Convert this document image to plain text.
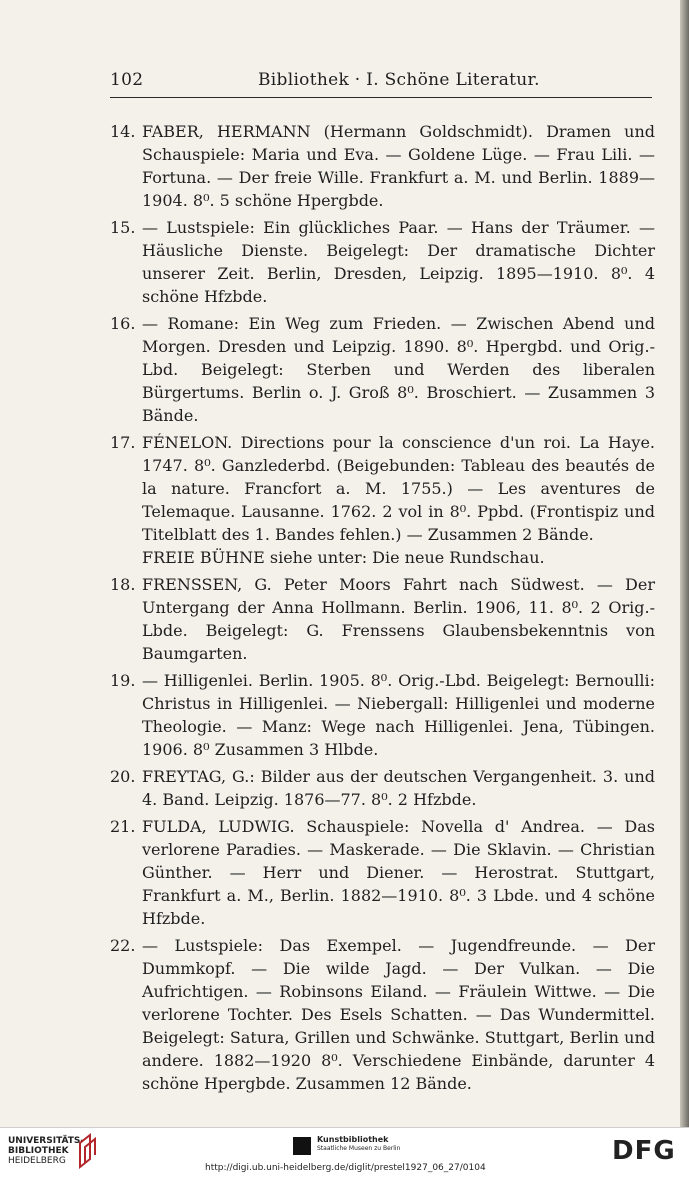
102	Bibliothek · I. Schöne Literatur.
14. FABER, HERMANN (Hermann Goldschmidt). Dramen und Schauspiele: Maria und Eva. — Goldene Lüge. — Frau Lili. — Fortuna. — Der freie Wille. Frankfurt a. M. und Berlin. 1889—1904. 8⁰. 5 schöne Hpergbde.
15. — Lustspiele: Ein glückliches Paar. — Hans der Träumer. — Häusliche Dienste. Beigelegt: Der dramatische Dichter unserer Zeit. Berlin, Dresden, Leipzig. 1895—1910. 8⁰. 4 schöne Hfzbde.
16. — Romane: Ein Weg zum Frieden. — Zwischen Abend und Morgen. Dresden und Leipzig. 1890. 8⁰. Hpergbd. und Orig.-Lbd. Beigelegt: Sterben und Werden des liberalen Bürgertums. Berlin o. J. Groß 8⁰. Broschiert. — Zusammen 3 Bände.
17. FÉNELON. Directions pour la conscience d'un roi. La Haye. 1747. 8⁰. Ganzlederbd. (Beigebunden: Tableau des beautés de la nature. Francfort a. M. 1755.) — Les aventures de Telemaque. Lausanne. 1762. 2 vol in 8⁰. Ppbd. (Frontispiz und Titelblatt des 1. Bandes fehlen.) — Zusammen 2 Bände.
FREIE BÜHNE siehe unter: Die neue Rundschau.
18. FRENSSEN, G. Peter Moors Fahrt nach Südwest. — Der Untergang der Anna Hollmann. Berlin. 1906, 11. 8⁰. 2 Orig.-Lbde. Beigelegt: G. Frenssens Glaubensbekenntnis von Baumgarten.
19. — Hilligenlei. Berlin. 1905. 8⁰. Orig.-Lbd. Beigelegt: Bernoulli: Christus in Hilligenlei. — Niebergall: Hilligenlei und moderne Theologie. — Manz: Wege nach Hilligenlei. Jena, Tübingen. 1906. 8⁰ Zusammen 3 Hlbde.
20. FREYTAG, G.: Bilder aus der deutschen Vergangenheit. 3. und 4. Band. Leipzig. 1876—77. 8⁰. 2 Hfzbde.
21. FULDA, LUDWIG. Schauspiele: Novella d' Andrea. — Das verlorene Paradies. — Maskerade. — Die Sklavin. — Christian Günther. — Herr und Diener. — Herostrat. Stuttgart, Frankfurt a. M., Berlin. 1882—1910. 8⁰. 3 Lbde. und 4 schöne Hfzbde.
22. — Lustspiele: Das Exempel. — Jugendfreunde. — Der Dummkopf. — Die wilde Jagd. — Der Vulkan. — Die Aufrichtigen. — Robinsons Eiland. — Fräulein Wittwe. — Die verlorene Tochter. Des Esels Schatten. — Das Wundermittel. Beigelegt: Satura, Grillen und Schwänke. Stuttgart, Berlin und andere. 1882—1920 8⁰. Verschiedene Einbände, darunter 4 schöne Hpergbde. Zusammen 12 Bände.
UNIVERSITÄTS-
BIBLIOTHEK
HEIDELBERG
Kunstbibliothek
Staatliche Museen zu Berlin
http://digi.ub.uni-heidelberg.de/diglit/prestel1927_06_27/0104
DFG
